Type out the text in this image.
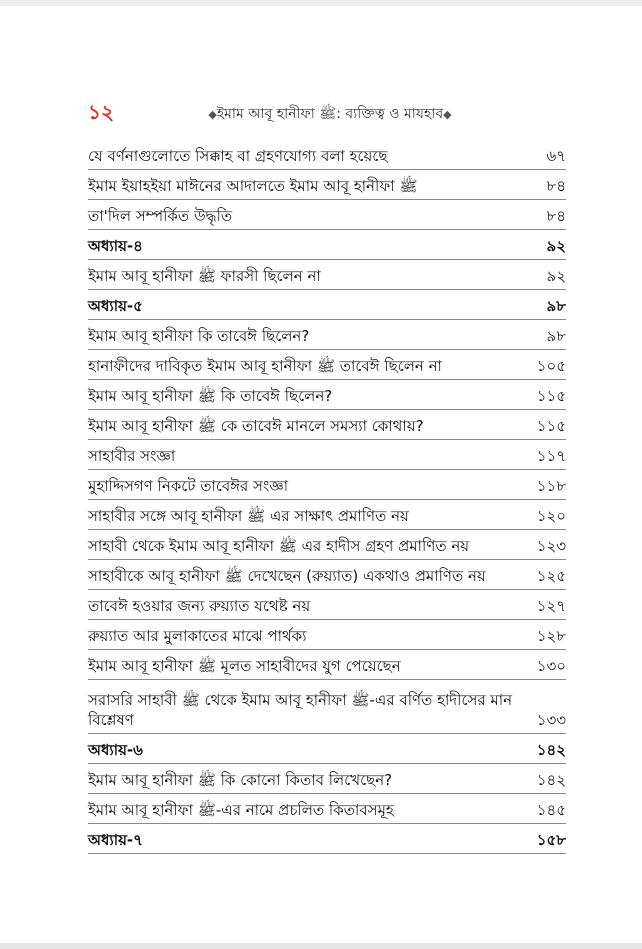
১২	◆ইমাম আবূ হানীফা ﷺ: ব্যক্তিত্ব ও মাযহাব◆
যে বর্ণনাগুলোতে সিক্কাহ বা গ্রহণযোগ্য বলা হয়েছে	৬৭
ইমাম ইয়াহইয়া মাঈনের আদালতে ইমাম আবূ হানীফা ﷺ	৮৪
তা'দিল সম্পর্কিত উদ্ধৃতি	৮৪
অধ্যায়-৪	৯২
ইমাম আবূ হানীফা ﷺ ফারসী ছিলেন না	৯২
অধ্যায়-৫	৯৮
ইমাম আবূ হানীফা কি তাবেঈ ছিলেন?	৯৮
হানাফীদের দাবিকৃত ইমাম আবূ হানীফা ﷺ তাবেঈ ছিলেন না	১০৫
ইমাম আবূ হানীফা ﷺ কি তাবেঈ ছিলেন?	১১৫
ইমাম আবূ হানীফা ﷺ কে তাবেঈ মানলে সমস্যা কোথায়?	১১৫
সাহাবীর সংজ্ঞা	১১৭
মুহাদ্দিসগণ নিকটে তাবেঈর সংজ্ঞা	১১৮
সাহাবীর সঙ্গে আবূ হানীফা ﷺ এর সাক্ষাৎ প্রমাণিত নয়	১২০
সাহাবী থেকে ইমাম আবূ হানীফা ﷺ এর হাদীস গ্রহণ প্রমাণিত নয়	১২৩
সাহাবীকে আবূ হানীফা ﷺ দেখেছেন (রুয়্যাত) একথাও প্রমাণিত নয়	১২৫
তাবেঈ হওয়ার জন্য রুয়্যাত যথেষ্ট নয়	১২৭
রুয়্যাত আর মুলাকাতের মাঝে পার্থক্য	১২৮
ইমাম আবূ হানীফা ﷺ মূলত সাহাবীদের যুগ পেয়েছেন	১৩০
সরাসরি সাহাবী ﷺ থেকে ইমাম আবূ হানীফা ﷺ-এর বর্ণিত হাদীসের মান বিশ্লেষণ	১৩৩
অধ্যায়-৬	১৪২
ইমাম আবূ হানীফা ﷺ কি কোনো কিতাব লিখেছেন?	১৪২
ইমাম আবূ হানীফা ﷺ-এর নামে প্রচলিত কিতাবসমূহ	১৪৫
অধ্যায়-৭	১৫৮
